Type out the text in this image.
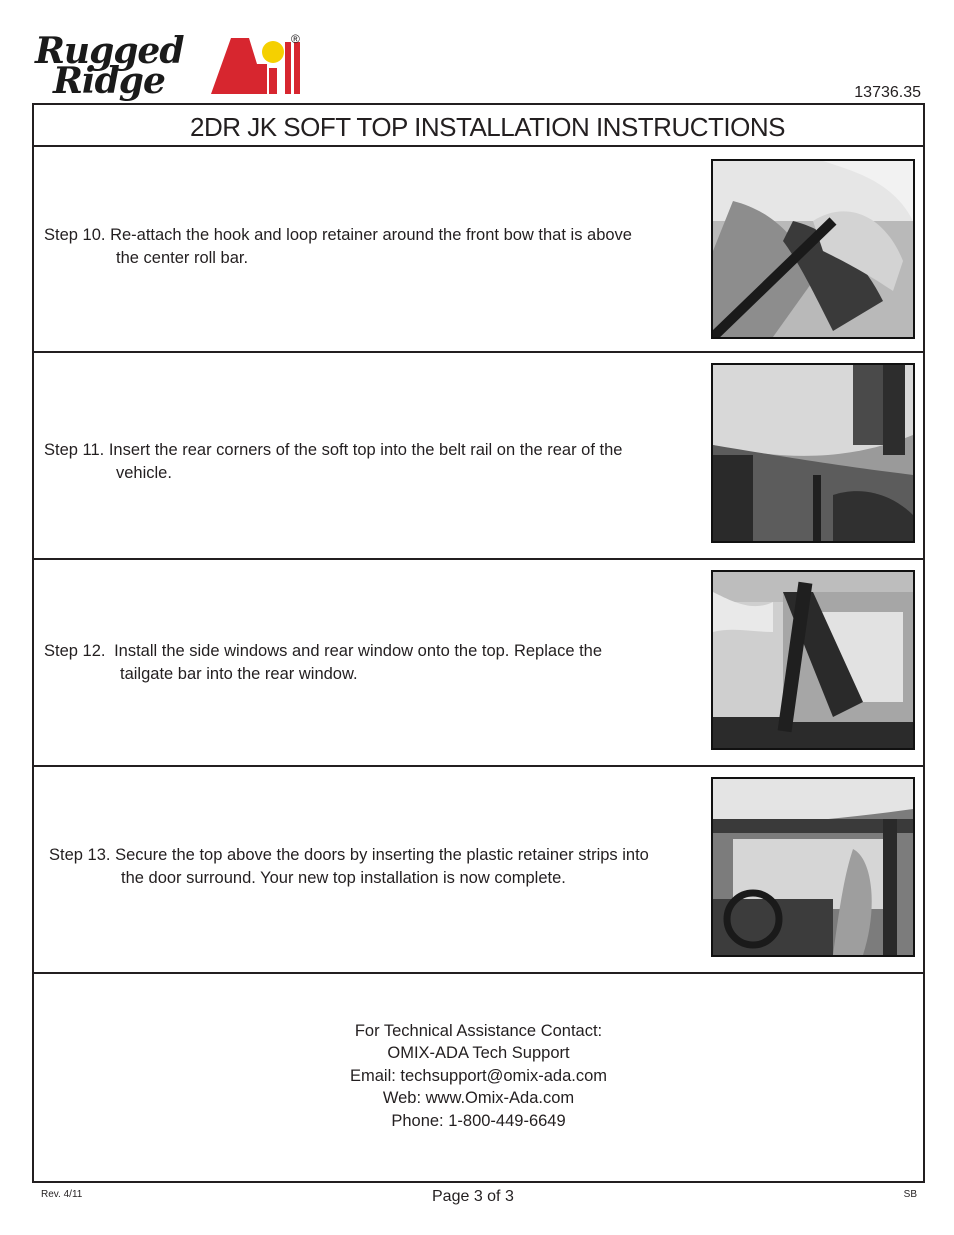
Rugged
Ridge
®
13736.35
2DR JK SOFT TOP INSTALLATION INSTRUCTIONS
Step 10. Re-attach the hook and loop retainer around the front bow that is above
the center roll bar.
Step 11. Insert the rear corners of the soft top into the belt rail on the rear of the
vehicle.
Step 12. Install the side windows and rear window onto the top. Replace the
tailgate bar into the rear window.
Step 13. Secure the top above the doors by inserting the plastic retainer strips into
the door surround. Your new top installation is now complete.
For Technical Assistance Contact:
OMIX-ADA Tech Support
Email: techsupport@omix-ada.com
Web: www.Omix-Ada.com
Phone: 1-800-449-6649
Rev. 4/11	Page 3 of 3	SB
